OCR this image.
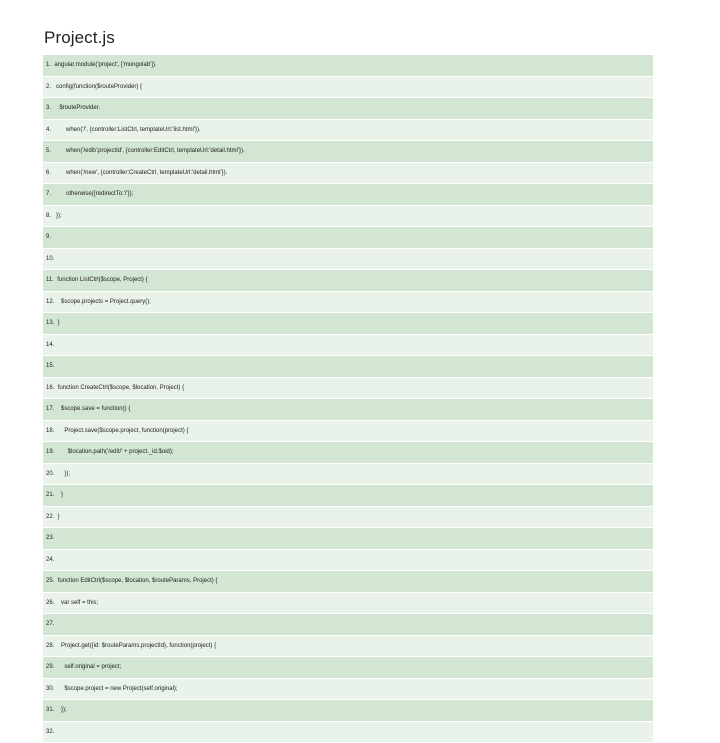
Project.js
1.  angular.module('project', ['mongolab']).
2.   config(function($routeProvider) {
3.     $routeProvider.
4.         when('/', {controller:ListCtrl, templateUrl:'list.html'}).
5.         when('/edit/:projectId', {controller:EditCtrl, templateUrl:'detail.html'}).
6.         when('/new', {controller:CreateCtrl, templateUrl:'detail.html'}).
7.         otherwise({redirectTo:'/'});
8.   });
9.
10.
11.  function ListCtrl($scope, Project) {
12.    $scope.projects = Project.query();
13.  }
14.
15.
16.  function CreateCtrl($scope, $location, Project) {
17.    $scope.save = function() {
18.      Project.save($scope.project, function(project) {
19.        $location.path('/edit/' + project._id.$oid);
20.      });
21.    }
22.  }
23.
24.
25.  function EditCtrl($scope, $location, $routeParams, Project) {
26.    var self = this;
27.
28.    Project.get({id: $routeParams.projectId}, function(project) {
29.      self.original = project;
30.      $scope.project = new Project(self.original);
31.    });
32.
